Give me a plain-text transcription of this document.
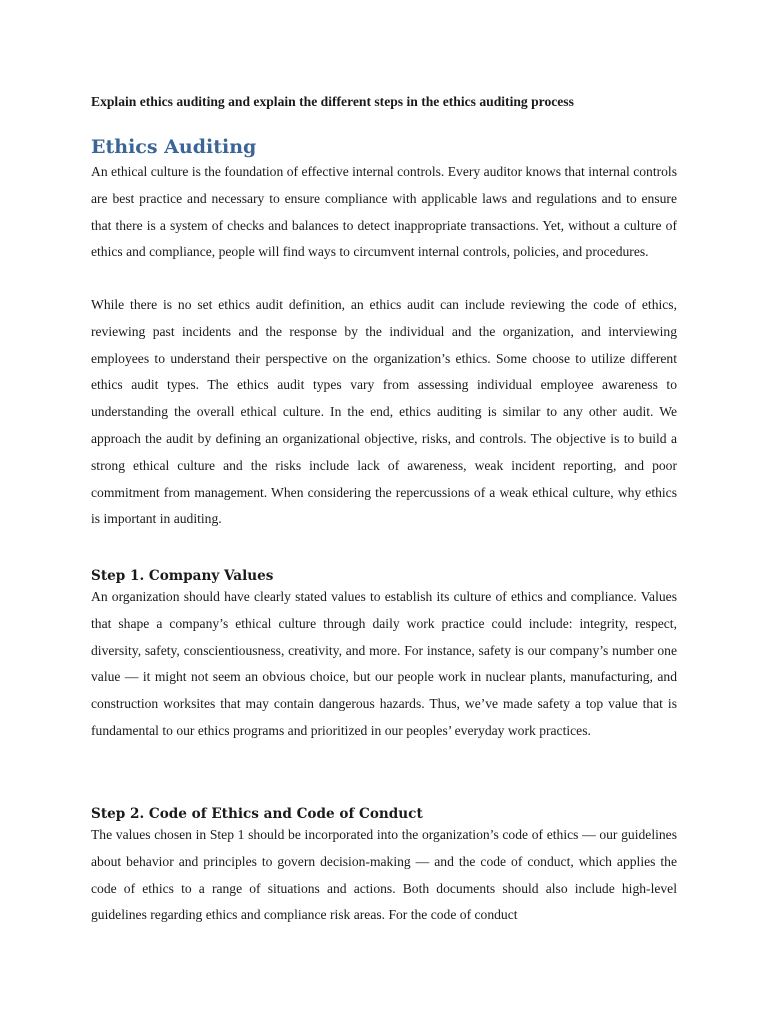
Explain ethics auditing and explain the different steps in the ethics auditing process
Ethics Auditing

An ethical culture is the foundation of effective internal controls. Every auditor knows that internal controls are best practice and necessary to ensure compliance with applicable laws and regulations and to ensure that there is a system of checks and balances to detect inappropriate transactions. Yet, without a culture of ethics and compliance, people will find ways to circumvent internal controls, policies, and procedures.

While there is no set ethics audit definition, an ethics audit can include reviewing the code of ethics, reviewing past incidents and the response by the individual and the organization, and interviewing employees to understand their perspective on the organization’s ethics. Some choose to utilize different ethics audit types. The ethics audit types vary from assessing individual employee awareness to understanding the overall ethical culture. In the end, ethics auditing is similar to any other audit. We approach the audit by defining an organizational objective, risks, and controls. The objective is to build a strong ethical culture and the risks include lack of awareness, weak incident reporting, and poor commitment from management. When considering the repercussions of a weak ethical culture, why ethics is important in auditing.

Step 1. Company Values

An organization should have clearly stated values to establish its culture of ethics and compliance. Values that shape a company’s ethical culture through daily work practice could include: integrity, respect, diversity, safety, conscientiousness, creativity, and more. For instance, safety is our company’s number one value — it might not seem an obvious choice, but our people work in nuclear plants, manufacturing, and construction worksites that may contain dangerous hazards. Thus, we’ve made safety a top value that is fundamental to our ethics programs and prioritized in our peoples’ everyday work practices.

Step 2. Code of Ethics and Code of Conduct

The values chosen in Step 1 should be incorporated into the organization’s code of ethics — our guidelines about behavior and principles to govern decision-making — and the code of conduct, which applies the code of ethics to a range of situations and actions. Both documents should also include high-level guidelines regarding ethics and compliance risk areas. For the code of conduct
